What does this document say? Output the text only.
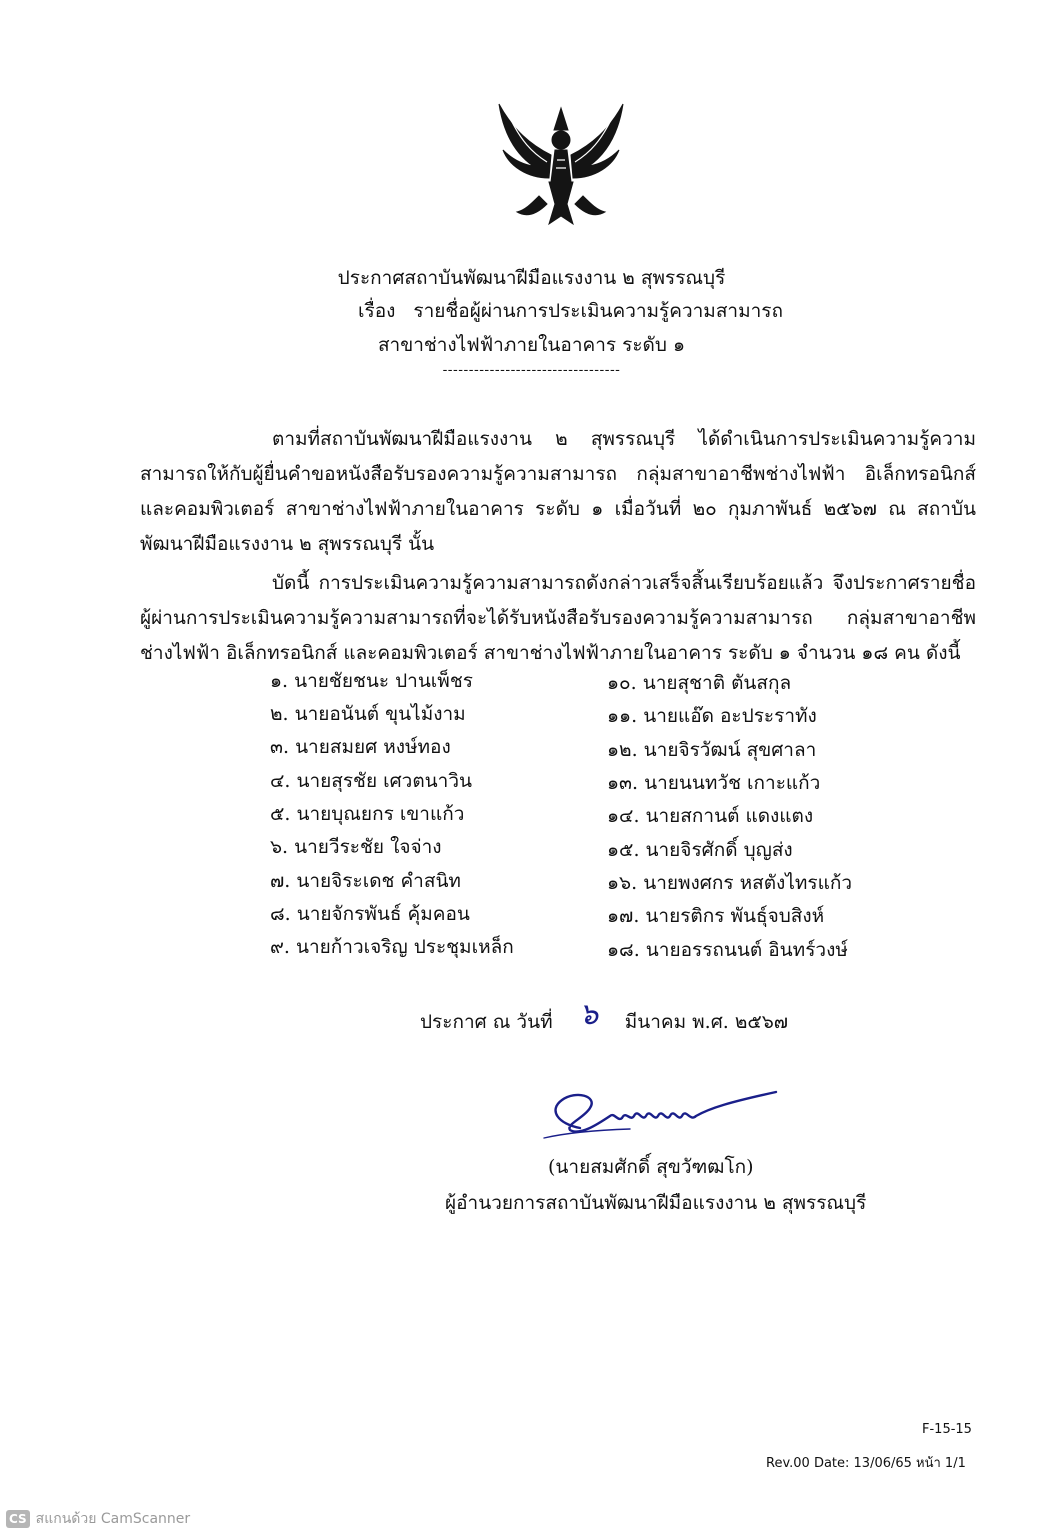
ประกาศสถาบันพัฒนาฝีมือแรงงาน ๒ สุพรรณบุรี
เรื่อง รายชื่อผู้ผ่านการประเมินความรู้ความสามารถ
สาขาช่างไฟฟ้าภายในอาคาร ระดับ ๑
----------------------------------
ตามที่สถาบันพัฒนาฝีมือแรงงาน ๒ สุพรรณบุรี ได้ดำเนินการประเมินความรู้ความสามารถให้กับผู้ยื่นคำขอหนังสือรับรองความรู้ความสามารถ กลุ่มสาขาอาชีพช่างไฟฟ้า อิเล็กทรอนิกส์ และคอมพิวเตอร์ สาขาช่างไฟฟ้าภายในอาคาร ระดับ ๑ เมื่อวันที่ ๒๐ กุมภาพันธ์ ๒๕๖๗ ณ สถาบันพัฒนาฝีมือแรงงาน ๒ สุพรรณบุรี นั้น
บัดนี้ การประเมินความรู้ความสามารถดังกล่าวเสร็จสิ้นเรียบร้อยแล้ว จึงประกาศรายชื่อผู้ผ่านการประเมินความรู้ความสามารถที่จะได้รับหนังสือรับรองความรู้ความสามารถ กลุ่มสาขาอาชีพช่างไฟฟ้า อิเล็กทรอนิกส์ และคอมพิวเตอร์ สาขาช่างไฟฟ้าภายในอาคาร ระดับ ๑ จำนวน ๑๘ คน ดังนี้
๑. นายชัยชนะ ปานเพ็ชร
๒. นายอนันต์ ขุนไม้งาม
๓. นายสมยศ หงษ์ทอง
๔. นายสุรชัย เศวตนาวิน
๕. นายบุณยกร เขาแก้ว
๖. นายวีระชัย ใจจ่าง
๗. นายจิระเดช คำสนิท
๘. นายจักรพันธ์ คุ้มคอน
๙. นายก้าวเจริญ ประชุมเหล็ก
๑๐. นายสุชาติ ตันสกุล
๑๑. นายแอ๊ด อะประราทัง
๑๒. นายจิรวัฒน์ สุขศาลา
๑๓. นายนนทวัช เกาะแก้ว
๑๔. นายสกานต์ แดงแตง
๑๕. นายจิรศักดิ์ บุญส่ง
๑๖. นายพงศกร หสตังไทรแก้ว
๑๗. นายรติกร พันธุ์จบสิงห์
๑๘. นายอรรถนนต์ อินทร์วงษ์
ประกาศ ณ วันที่ ๖ มีนาคม พ.ศ. ๒๕๖๗
(นายสมศักดิ์ สุขวัฑฒโก)
ผู้อำนวยการสถาบันพัฒนาฝีมือแรงงาน ๒ สุพรรณบุรี
F-15-15
Rev.00 Date: 13/06/65 หน้า 1/1
CS สแกนด้วย CamScanner
